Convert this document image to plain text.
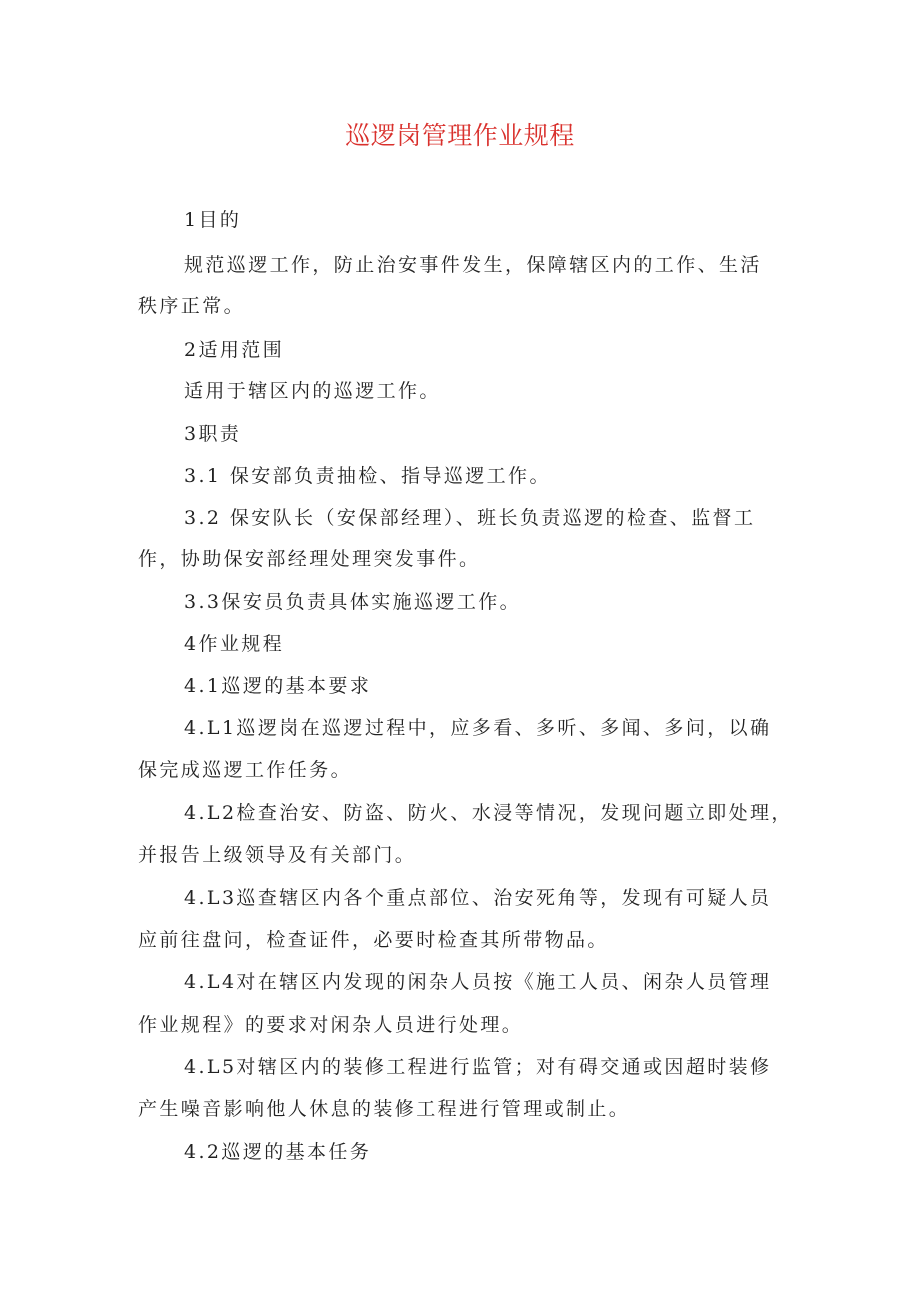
巡逻岗管理作业规程

1目的

规范巡逻工作，防止治安事件发生，保障辖区内的工作、生活

秩序正常。

2适用范围

适用于辖区内的巡逻工作。

3职责

3.1 保安部负责抽检、指导巡逻工作。

3.2 保安队长（安保部经理）、班长负责巡逻的检查、监督工

作，协助保安部经理处理突发事件。

3.3保安员负责具体实施巡逻工作。

4作业规程

4.1巡逻的基本要求

4.L1巡逻岗在巡逻过程中，应多看、多听、多闻、多问，以确

保完成巡逻工作任务。

4.L2检查治安、防盗、防火、水浸等情况，发现问题立即处理，

并报告上级领导及有关部门。

4.L3巡查辖区内各个重点部位、治安死角等，发现有可疑人员

应前往盘问，检查证件，必要时检查其所带物品。

4.L4对在辖区内发现的闲杂人员按《施工人员、闲杂人员管理

作业规程》的要求对闲杂人员进行处理。

4.L5对辖区内的装修工程进行监管；对有碍交通或因超时装修

产生噪音影响他人休息的装修工程进行管理或制止。

4.2巡逻的基本任务
